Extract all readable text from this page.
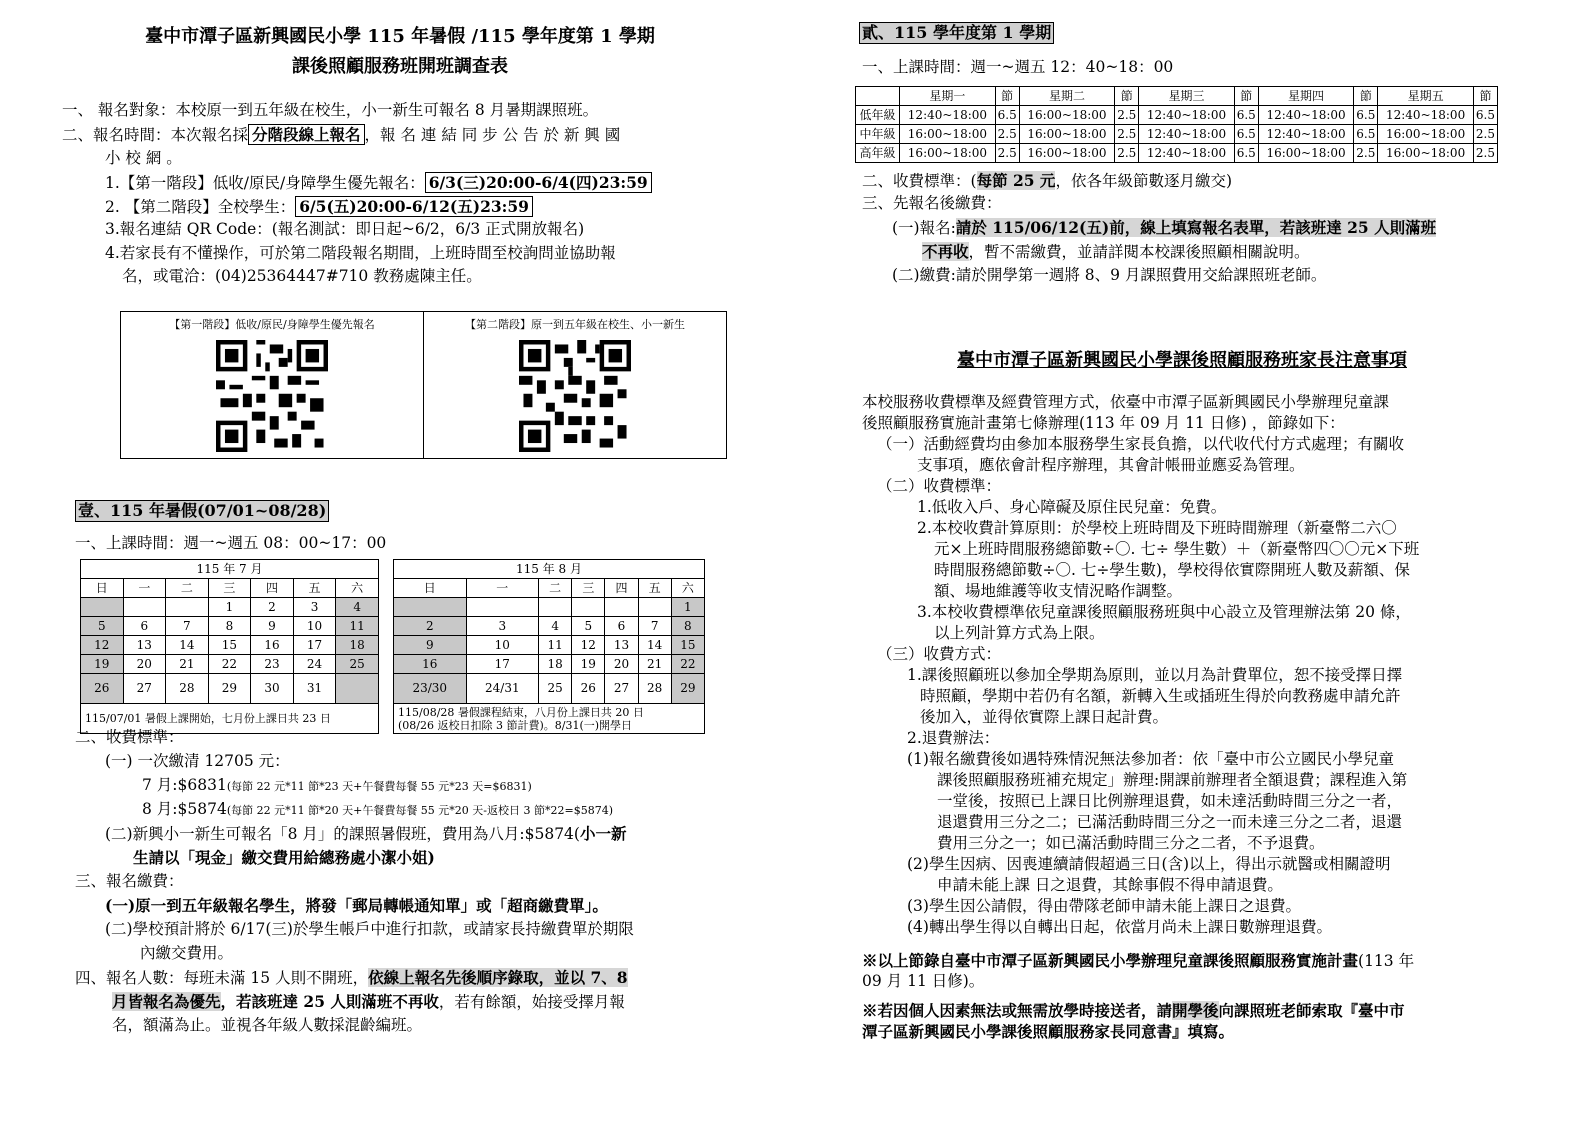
臺中市潭子區新興國民小學 115 年暑假 /115 學年度第 1 學期
課後照顧服務班開班調查表
一、 報名對象：本校原一到五年級在校生，小一新生可報名 8 月暑期課照班。
二、報名時間：本次報名採 分階段線上報名 ，報 名 連 結 同 步 公 告 於 新 興 國
小 校 網 。
1.【第一階段】低收/原民/身障學生優先報名： 6/3(三)20:00-6/4(四)23:59
2. 【第二階段】全校學生： 6/5(五)20:00-6/12(五)23:59
3.報名連結 QR Code：(報名測試：即日起~6/2，6/3 正式開放報名)
4.若家長有不懂操作，可於第二階段報名期間，上班時間至校詢問並協助報
名，或電洽：(04)25364447#710 教務處陳主任。
【第一階段】低收/原民/身障學生優先報名	【第二階段】原一到五年級在校生、小一新生
壹、115 年暑假(07/01~08/28)
一、上課時間：週一~週五 08：00~17：00
115 年 7 月						
日	一	二	三	四	五	六
			1	2	3	4
5	6	7	8	9	10	11
12	13	14	15	16	17	18
19	20	21	22	23	24	25
26	27	28	29	30	31	
115/07/01 暑假上課開始，七月份上課日共 23 日						
115 年 8 月						
日	一	二	三	四	五	六
						1
2	3	4	5	6	7	8
9	10	11	12	13	14	15
16	17	18	19	20	21	22
23/30	24/31	25	26	27	28	29
115/08/28 暑假課程結束，八月份上課日共 20 日
(08/26 返校日扣除 3 節計費)。8/31(一)開學日						
二、收費標準：
(一) 一次繳清 12705 元：
7 月:$6831(每節 22 元*11 節*23 天+午餐費每餐 55 元*23 天=$6831)
8 月:$5874(每節 22 元*11 節*20 天+午餐費每餐 55 元*20 天-返校日 3 節*22=$5874)
(二)新興小一新生可報名「8 月」的課照暑假班，費用為八月:$5874(小一新
生請以「現金」繳交費用給總務處小潔小姐)
三、報名繳費：
(一)原一到五年級報名學生，將發「郵局轉帳通知單」或「超商繳費單」。
(二)學校預計將於 6/17(三)於學生帳戶中進行扣款，或請家長持繳費單於期限
內繳交費用。
四、報名人數：每班未滿 15 人則不開班，依線上報名先後順序錄取，並以 7、8
月皆報名為優先，若該班達 25 人則滿班不再收，若有餘額，始接受擇月報
名，額滿為止。並視各年級人數採混齡編班。
貳、115 學年度第 1 學期
一、上課時間：週一~週五 12：40~18：00
	星期一	節	星期二	節	星期三	節	星期四	節	星期五	節
低年級	12:40~18:00	6.5	16:00~18:00	2.5	12:40~18:00	6.5	12:40~18:00	6.5	12:40~18:00	6.5
中年級	16:00~18:00	2.5	16:00~18:00	2.5	12:40~18:00	6.5	12:40~18:00	6.5	16:00~18:00	2.5
高年級	16:00~18:00	2.5	16:00~18:00	2.5	12:40~18:00	6.5	16:00~18:00	2.5	16:00~18:00	2.5
二、收費標準：(每節 25 元，依各年級節數逐月繳交)
三、先報名後繳費：
(一)報名:請於 115/06/12(五)前，線上填寫報名表單，若該班達 25 人則滿班
不再收，暫不需繳費，並請詳閱本校課後照顧相關說明。
(二)繳費:請於開學第一週將 8、9 月課照費用交給課照班老師。
臺中市潭子區新興國民小學課後照顧服務班家長注意事項
本校服務收費標準及經費管理方式，依臺中市潭子區新興國民小學辦理兒童課
後照顧服務實施計畫第七條辦理(113 年 09 月 11 日修) ，節錄如下：
（一）活動經費均由參加本服務學生家長負擔，以代收代付方式處理；有關收
支事項，應依會計程序辦理，其會計帳冊並應妥為管理。
（二）收費標準：
1.低收入戶、身心障礙及原住民兒童：免費。
2.本校收費計算原則：於學校上班時間及下班時間辦理（新臺幣二六〇
元×上班時間服務總節數÷〇. 七÷ 學生數）＋（新臺幣四〇〇元×下班
時間服務總節數÷〇. 七÷學生數)，學校得依實際開班人數及薪額、保
額、場地維護等收支情況略作調整。
3.本校收費標準依兒童課後照顧服務班與中心設立及管理辦法第 20 條，
以上列計算方式為上限。
（三）收費方式：
1.課後照顧班以參加全學期為原則，並以月為計費單位，恕不接受擇日擇
時照顧，學期中若仍有名額，新轉入生或插班生得於向教務處申請允許
後加入，並得依實際上課日起計費。
2.退費辦法：
(1)報名繳費後如遇特殊情況無法參加者：依「臺中市公立國民小學兒童
課後照顧服務班補充規定」辦理:開課前辦理者全額退費；課程進入第
一堂後，按照已上課日比例辦理退費，如未達活動時間三分之一者，
退還費用三分之二；已滿活動時間三分之一而未達三分之二者，退還
費用三分之一；如已滿活動時間三分之二者，不予退費。
(2)學生因病、因喪連續請假超過三日(含)以上，得出示就醫或相關證明
申請未能上課 日之退費，其餘事假不得申請退費。
(3)學生因公請假，得由帶隊老師申請未能上課日之退費。
(4)轉出學生得以自轉出日起，依當月尚未上課日數辦理退費。
※以上節錄自臺中市潭子區新興國民小學辦理兒童課後照顧服務實施計畫(113 年
09 月 11 日修)。
※若因個人因素無法或無需放學時接送者，請開學後向課照班老師索取『臺中市
潭子區新興國民小學課後照顧服務家長同意書』填寫。
